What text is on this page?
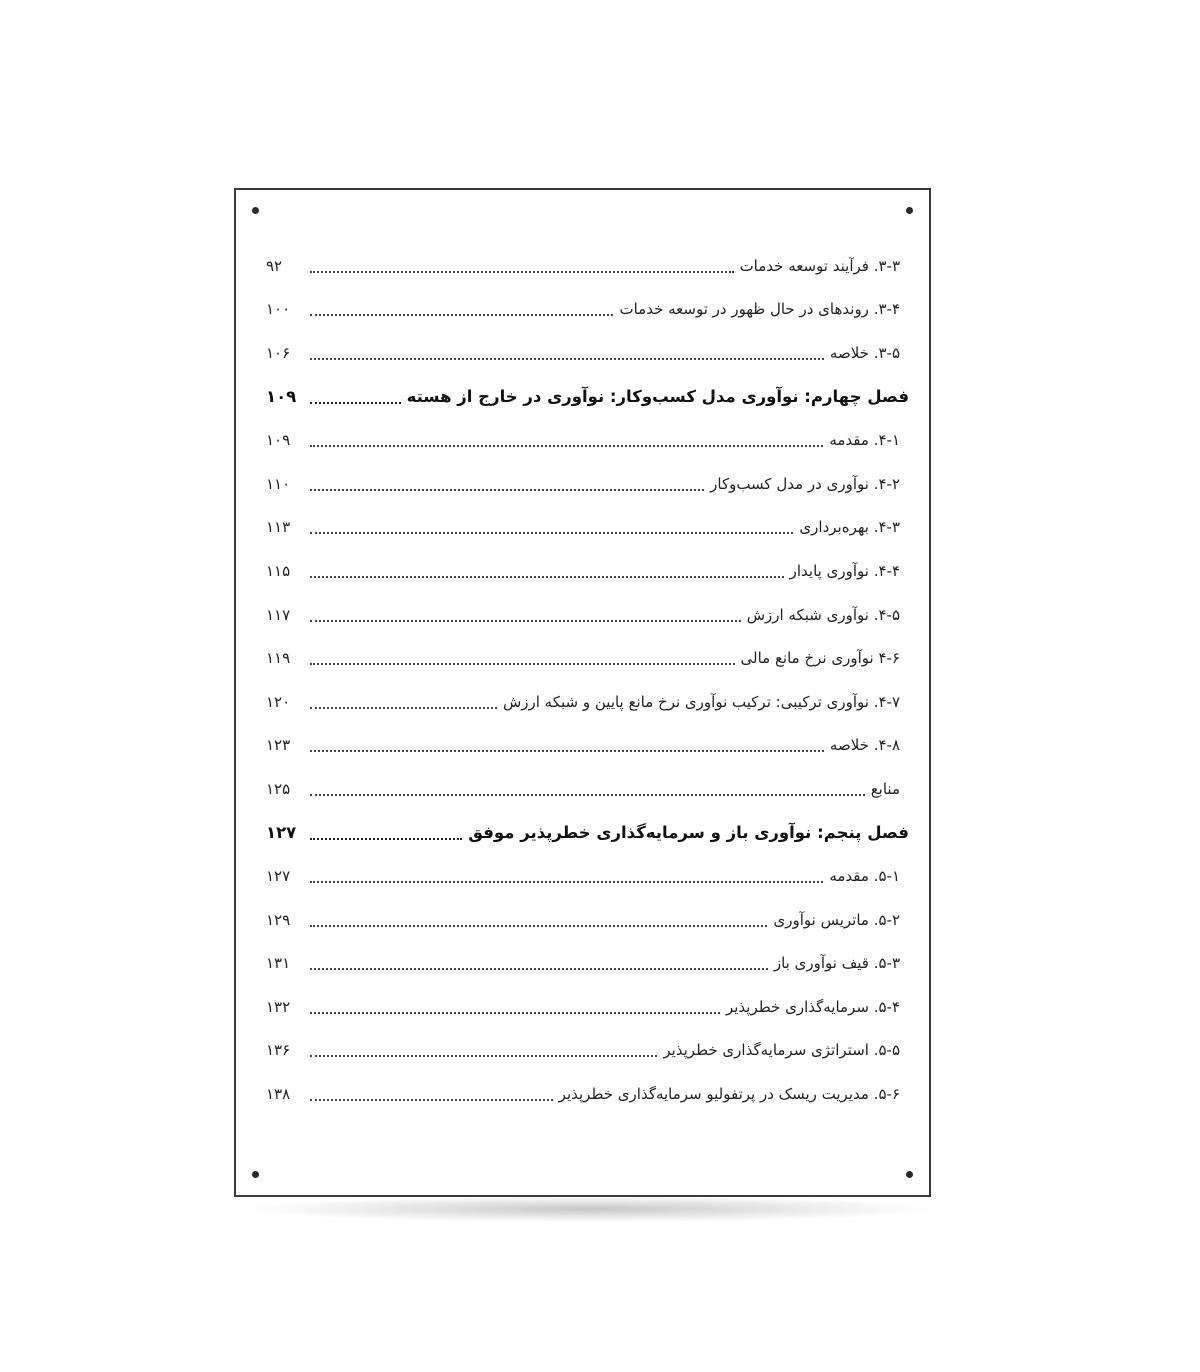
۳-۳. فرآیند توسعه خدمات
۹۲
۳-۴. روندهای در حال ظهور در توسعه خدمات
۱۰۰
۳-۵. خلاصه
۱۰۶
فصل چهارم: نوآوری مدل کسب‌وکار: نوآوری در خارج از هسته
۱۰۹
۴-۱. مقدمه
۱۰۹
۴-۲. نوآوری در مدل کسب‌وکار
۱۱۰
۴-۳. بهره‌برداری
۱۱۳
۴-۴. نوآوری پایدار
۱۱۵
۴-۵. نوآوری شبکه ارزش
۱۱۷
۴-۶ نوآوری نرخ مانع مالی
۱۱۹
۴-۷. نوآوری ترکیبی: ترکیب نوآوری نرخ مانع پایین و شبکه ارزش
۱۲۰
۴-۸. خلاصه
۱۲۳
منابع
۱۲۵
فصل پنجم: نوآوری باز و سرمایه‌گذاری خطرپذیر موفق
۱۲۷
۵-۱. مقدمه
۱۲۷
۵-۲. ماتریس نوآوری
۱۲۹
۵-۳. قیف نوآوری باز
۱۳۱
۵-۴. سرمایه‌گذاری خطرپذیر
۱۳۲
۵-۵. استراتژی سرمایه‌گذاری خطرپذیر
۱۳۶
۵-۶. مدیریت ریسک در پرتفولیو سرمایه‌گذاری خطرپذیر
۱۳۸
